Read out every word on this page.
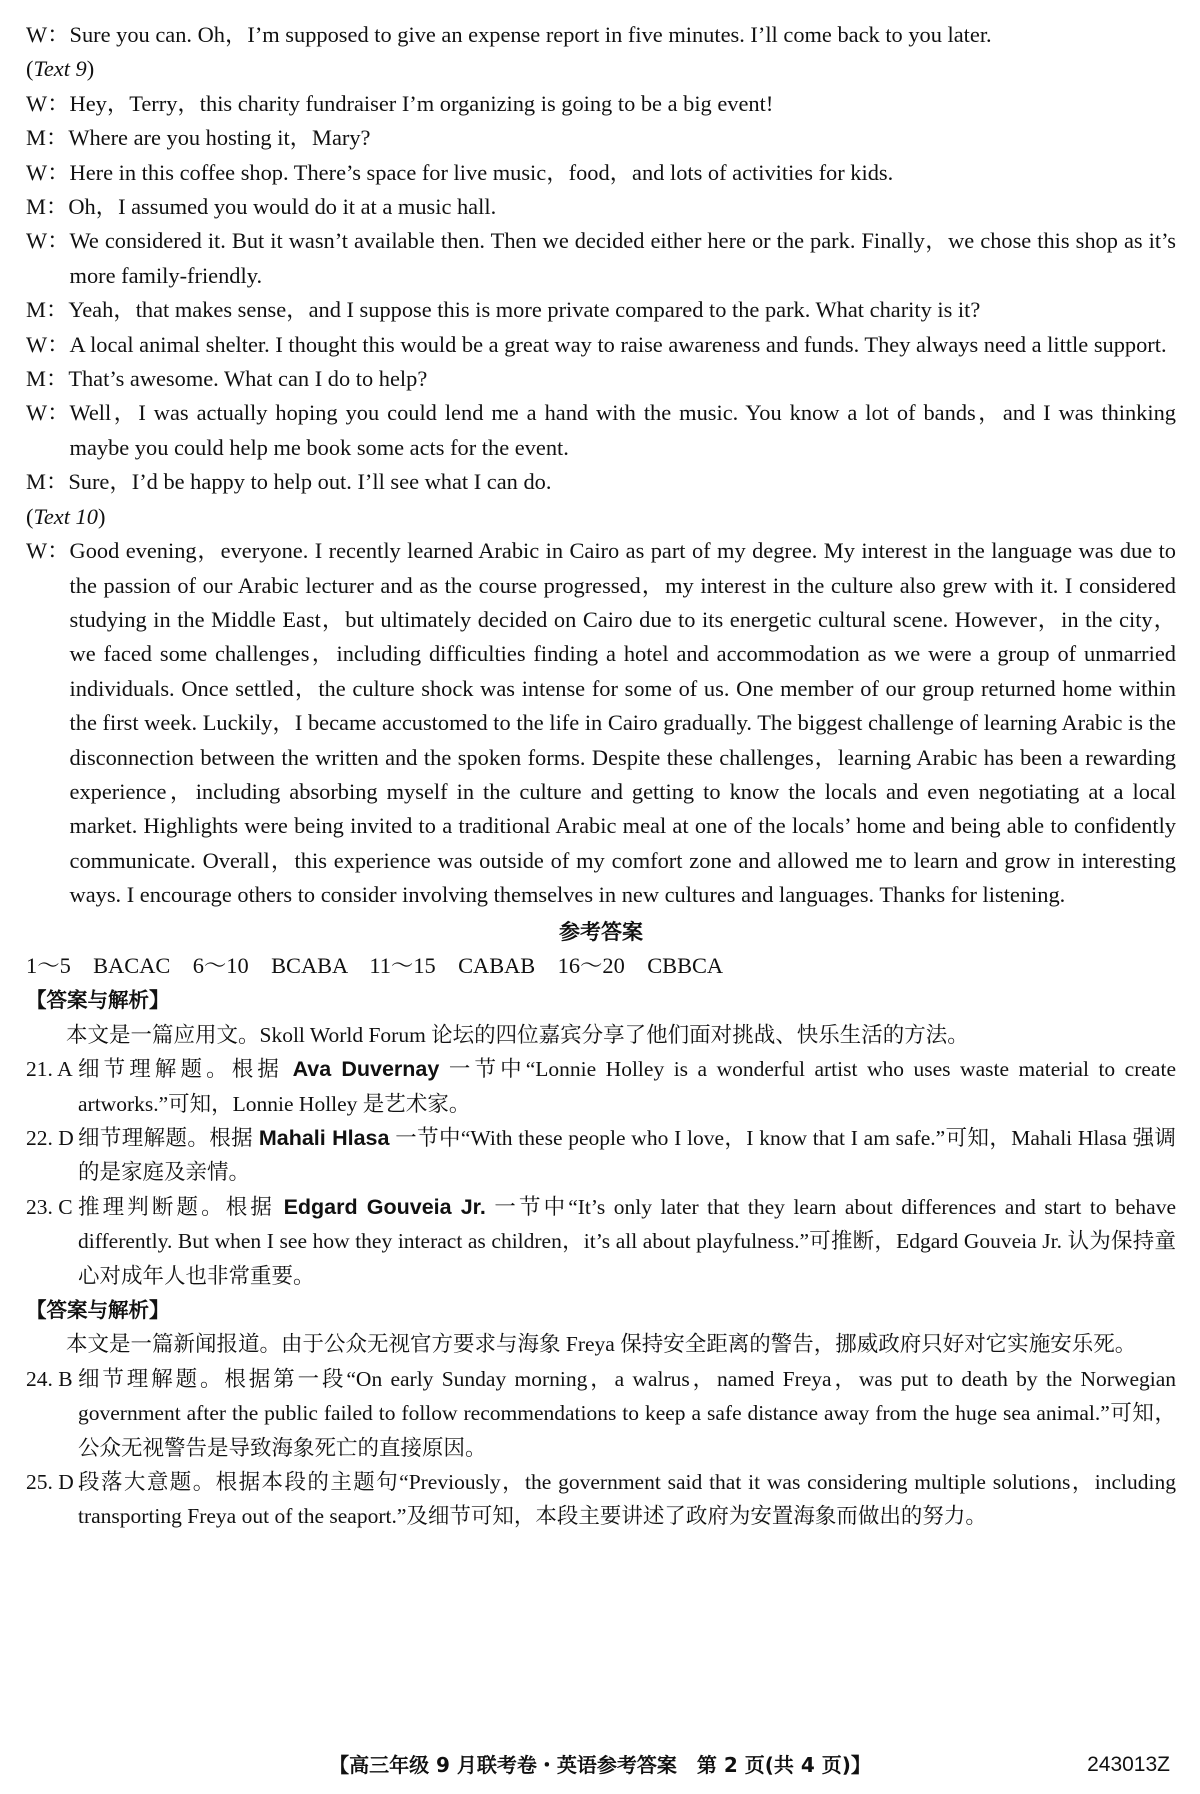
W： Sure you can. Oh，I’m supposed to give an expense report in five minutes. I’ll come back to you later.

(Text 9)

W： Hey，Terry，this charity fundraiser I’m organizing is going to be a big event!
M： Where are you hosting it，Mary?
W： Here in this coffee shop. There’s space for live music，food，and lots of activities for kids.
M： Oh，I assumed you would do it at a music hall.
W： We considered it. But it wasn’t available then. Then we decided either here or the park. Finally，we chose this shop as it’s more family-friendly.
M： Yeah，that makes sense，and I suppose this is more private compared to the park. What charity is it?
W： A local animal shelter. I thought this would be a great way to raise awareness and funds. They always need a little support.
M： That’s awesome. What can I do to help?
W： Well，I was actually hoping you could lend me a hand with the music. You know a lot of bands，and I was thinking maybe you could help me book some acts for the event.
M： Sure，I’d be happy to help out. I’ll see what I can do.

(Text 10)

W： Good evening，everyone. I recently learned Arabic in Cairo as part of my degree. My interest in the language was due to the passion of our Arabic lecturer and as the course progressed，my interest in the culture also grew with it. I considered studying in the Middle East，but ultimately decided on Cairo due to its energetic cultural scene. However，in the city，we faced some challenges，including difficulties finding a hotel and accommodation as we were a group of unmarried individuals. Once settled，the culture shock was intense for some of us. One member of our group returned home within the first week. Luckily，I became accustomed to the life in Cairo gradually. The biggest challenge of learning Arabic is the disconnection between the written and the spoken forms. Despite these challenges，learning Arabic has been a rewarding experience，including absorbing myself in the culture and getting to know the locals and even negotiating at a local market. Highlights were being invited to a traditional Arabic meal at one of the locals’ home and being able to confidently communicate. Overall，this experience was outside of my comfort zone and allowed me to learn and grow in interesting ways. I encourage others to consider involving themselves in new cultures and languages. Thanks for listening.
参考答案
1～5　BACAC　6～10　BCABA　11～15　CABAB　16～20　CBBCA
【答案与解析】

本文是一篇应用文。Skoll World Forum 论坛的四位嘉宾分享了他们面对挑战、快乐生活的方法。

21. A 细节理解题。根据 Ava Duvernay 一节中“Lonnie Holley is a wonderful artist who uses waste material to create artworks.”可知，Lonnie Holley 是艺术家。
22. D 细节理解题。根据 Mahali Hlasa 一节中“With these people who I love，I know that I am safe.”可知，Mahali Hlasa 强调的是家庭及亲情。
23. C 推理判断题。根据 Edgard Gouveia Jr. 一节中“It’s only later that they learn about differences and start to behave differently. But when I see how they interact as children，it’s all about playfulness.”可推断，Edgard Gouveia Jr. 认为保持童心对成年人也非常重要。
【答案与解析】

本文是一篇新闻报道。由于公众无视官方要求与海象 Freya 保持安全距离的警告，挪威政府只好对它实施安乐死。

24. B 细节理解题。根据第一段“On early Sunday morning，a walrus，named Freya，was put to death by the Norwegian government after the public failed to follow recommendations to keep a safe distance away from the huge sea animal.”可知，公众无视警告是导致海象死亡的直接原因。
25. D 段落大意题。根据本段的主题句“Previously，the government said that it was considering multiple solutions，including transporting Freya out of the seaport.”及细节可知，本段主要讲述了政府为安置海象而做出的努力。
【高三年级 9 月联考卷・英语参考答案　第 2 页(共 4 页)】	243013Z
